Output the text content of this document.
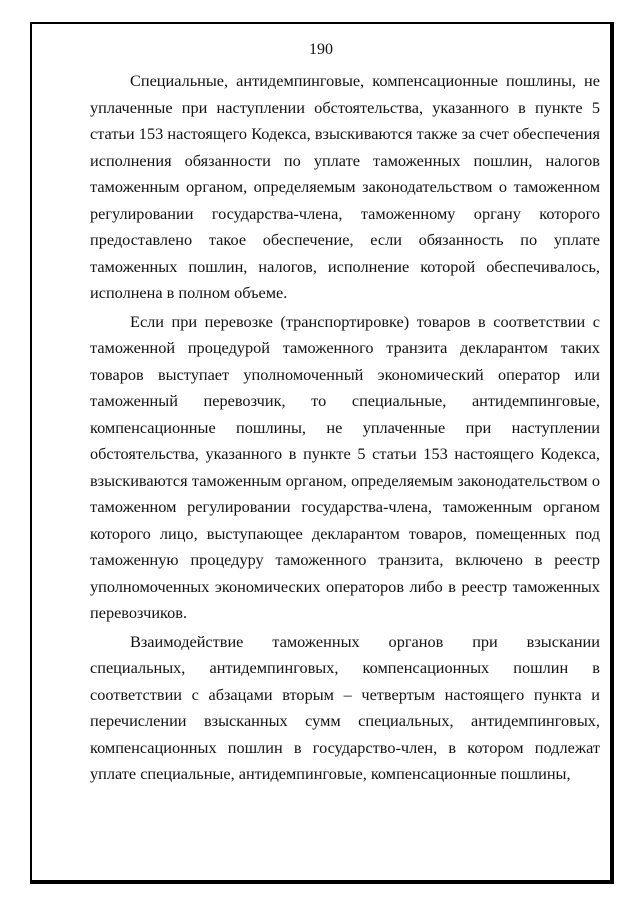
190

Специальные, антидемпинговые, компенсационные пошлины, не уплаченные при наступлении обстоятельства, указанного в пункте 5 статьи 153 настоящего Кодекса, взыскиваются также за счет обеспечения исполнения обязанности по уплате таможенных пошлин, налогов таможенным органом, определяемым законодательством о таможенном регулировании государства-члена, таможенному органу которого предоставлено такое обеспечение, если обязанность по уплате таможенных пошлин, налогов, исполнение которой обеспечивалось, исполнена в полном объеме.

Если при перевозке (транспортировке) товаров в соответствии с таможенной процедурой таможенного транзита декларантом таких товаров выступает уполномоченный экономический оператор или таможенный перевозчик, то специальные, антидемпинговые, компенсационные пошлины, не уплаченные при наступлении обстоятельства, указанного в пункте 5 статьи 153 настоящего Кодекса, взыскиваются таможенным органом, определяемым законодательством о таможенном регулировании государства-члена, таможенным органом которого лицо, выступающее декларантом товаров, помещенных под таможенную процедуру таможенного транзита, включено в реестр уполномоченных экономических операторов либо в реестр таможенных перевозчиков.

Взаимодействие таможенных органов при взыскании специальных, антидемпинговых, компенсационных пошлин в соответствии с абзацами вторым – четвертым настоящего пункта и перечислении взысканных сумм специальных, антидемпинговых, компенсационных пошлин в государство-член, в котором подлежат уплате специальные, антидемпинговые, компенсационные пошлины,
